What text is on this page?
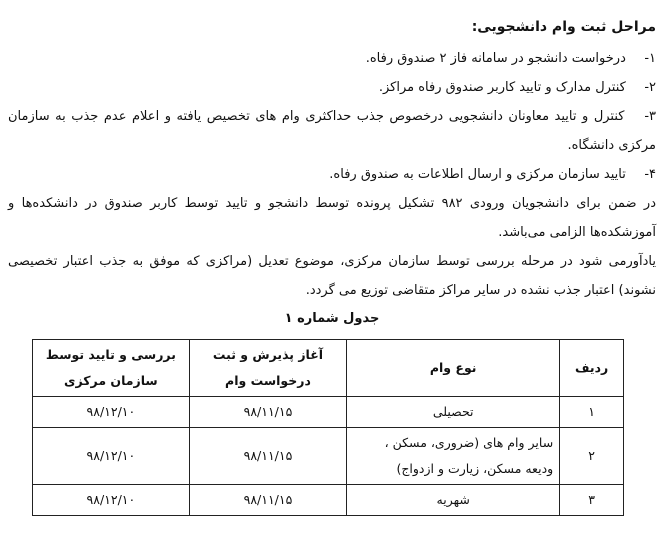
مراحل ثبت وام دانشجویی:
۱- درخواست دانشجو در سامانه فاز ۲ صندوق رفاه.
۲- کنترل مدارک و تایید کاربر صندوق رفاه مراکز.
۳- کنترل و تایید معاونان دانشجویی درخصوص جذب حداکثری وام های تخصیص یافته و اعلام عدم جذب به سازمان مرکزی دانشگاه.
۴- تایید سازمان مرکزی و ارسال اطلاعات به صندوق رفاه.
در ضمن برای دانشجویان ورودی ۹۸۲ تشکیل پرونده توسط دانشجو و تایید توسط کاربر صندوق در دانشکده‌ها و آموزشکده‌ها الزامی می‌باشد.
یادآورمی شود در مرحله بررسی توسط سازمان مرکزی، موضوع تعدیل (مراکزی که موفق به جذب اعتبار تخصیصی نشوند) اعتبار جذب نشده در سایر مراکز متقاضی توزیع می گردد.
جدول شماره ۱
ردیف	نوع وام	آغاز پذیرش و ثبت درخواست وام	بررسی و تایید توسط سازمان مرکزی
۱	تحصیلی	۹۸/۱۱/۱۵	۹۸/۱۲/۱۰
۲	سایر وام های (ضروری، مسکن ، ودیعه مسکن، زیارت و ازدواج)	۹۸/۱۱/۱۵	۹۸/۱۲/۱۰
۳	شهریه	۹۸/۱۱/۱۵	۹۸/۱۲/۱۰
